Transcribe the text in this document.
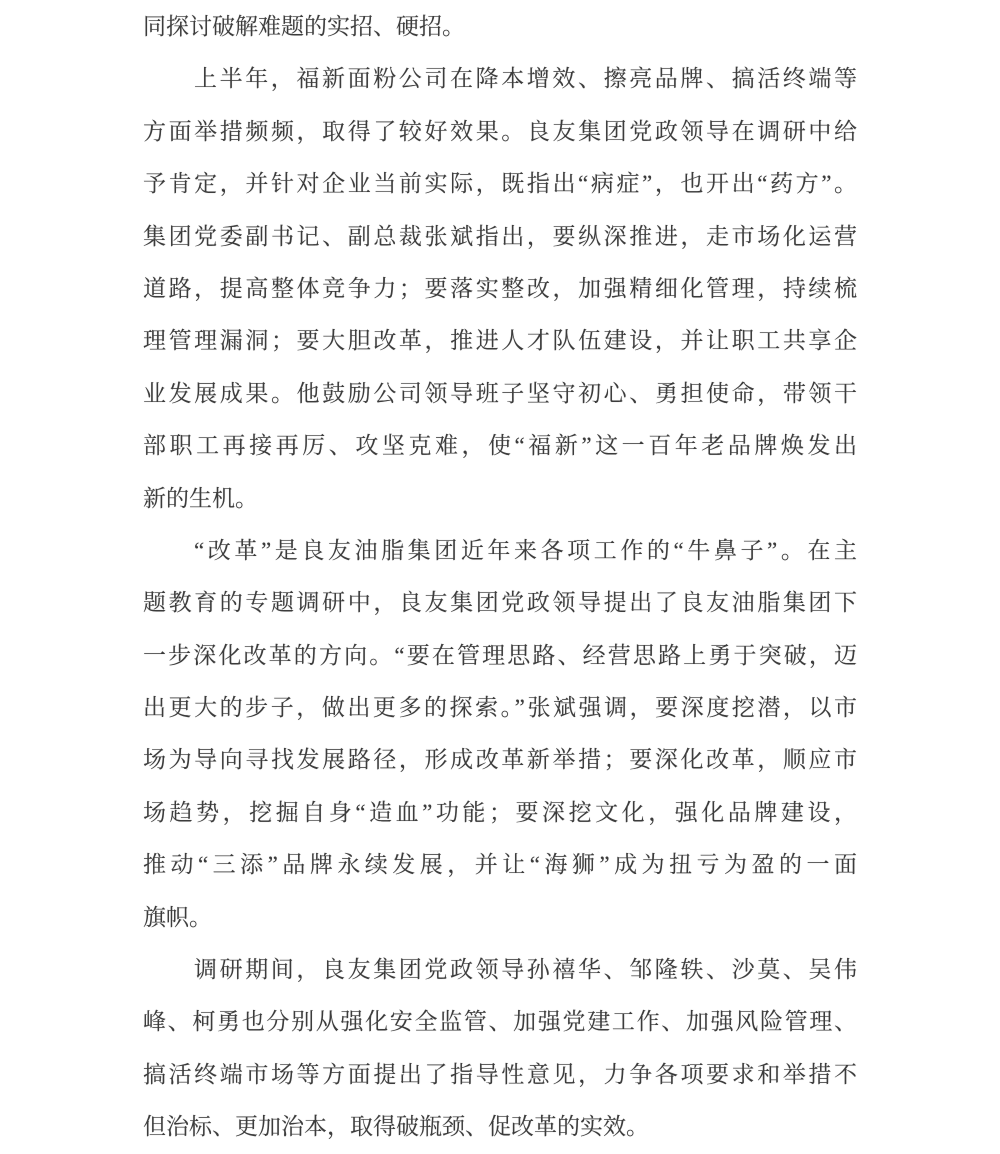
同探讨破解难题的实招、硬招。
上半年，福新面粉公司在降本增效、擦亮品牌、搞活终端等
方面举措频频，取得了较好效果。良友集团党政领导在调研中给
予肯定，并针对企业当前实际，既指出“病症”，也开出“药方”。
集团党委副书记、副总裁张斌指出，要纵深推进，走市场化运营
道路，提高整体竞争力；要落实整改，加强精细化管理，持续梳
理管理漏洞；要大胆改革，推进人才队伍建设，并让职工共享企
业发展成果。他鼓励公司领导班子坚守初心、勇担使命，带领干
部职工再接再厉、攻坚克难，使“福新”这一百年老品牌焕发出
新的生机。
“改革”是良友油脂集团近年来各项工作的“牛鼻子”。在主
题教育的专题调研中，良友集团党政领导提出了良友油脂集团下
一步深化改革的方向。“要在管理思路、经营思路上勇于突破，迈
出更大的步子，做出更多的探索。”张斌强调，要深度挖潜，以市
场为导向寻找发展路径，形成改革新举措；要深化改革，顺应市
场趋势，挖掘自身“造血”功能；要深挖文化，强化品牌建设，
推动“三添”品牌永续发展，并让“海狮”成为扭亏为盈的一面
旗帜。
调研期间，良友集团党政领导孙禧华、邹隆轶、沙莫、吴伟
峰、柯勇也分别从强化安全监管、加强党建工作、加强风险管理、
搞活终端市场等方面提出了指导性意见，力争各项要求和举措不
但治标、更加治本，取得破瓶颈、促改革的实效。
